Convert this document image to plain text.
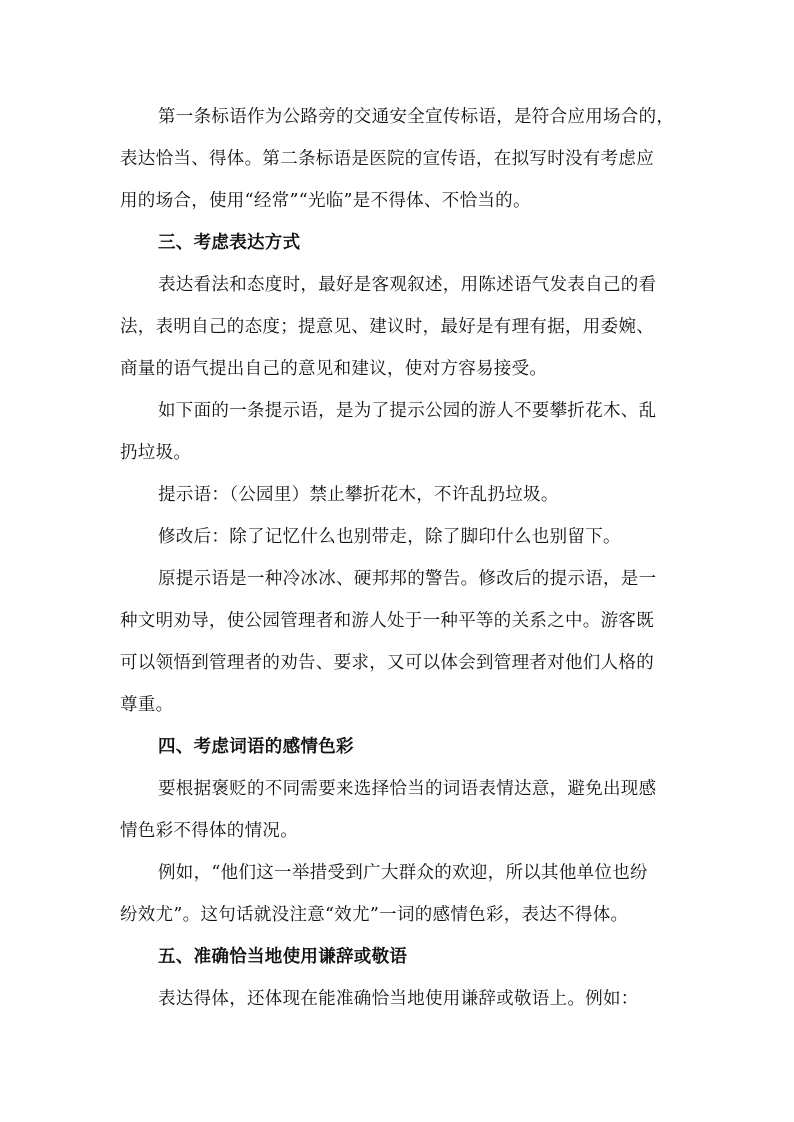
第一条标语作为公路旁的交通安全宣传标语，是符合应用场合的，
表达恰当、得体。第二条标语是医院的宣传语，在拟写时没有考虑应
用的场合，使用“经常”“光临”是不得体、不恰当的。
三、考虑表达方式
表达看法和态度时，最好是客观叙述，用陈述语气发表自己的看
法，表明自己的态度；提意见、建议时，最好是有理有据，用委婉、
商量的语气提出自己的意见和建议，使对方容易接受。
如下面的一条提示语，是为了提示公园的游人不要攀折花木、乱
扔垃圾。
提示语：（公园里）禁止攀折花木，不许乱扔垃圾。
修改后：除了记忆什么也别带走，除了脚印什么也别留下。
原提示语是一种冷冰冰、硬邦邦的警告。修改后的提示语，是一
种文明劝导，使公园管理者和游人处于一种平等的关系之中。游客既
可以领悟到管理者的劝告、要求，又可以体会到管理者对他们人格的
尊重。
四、考虑词语的感情色彩
要根据褒贬的不同需要来选择恰当的词语表情达意，避免出现感
情色彩不得体的情况。
例如，“他们这一举措受到广大群众的欢迎，所以其他单位也纷
纷效尤”。这句话就没注意“效尤”一词的感情色彩，表达不得体。
五、准确恰当地使用谦辞或敬语
表达得体，还体现在能准确恰当地使用谦辞或敬语上。例如：
